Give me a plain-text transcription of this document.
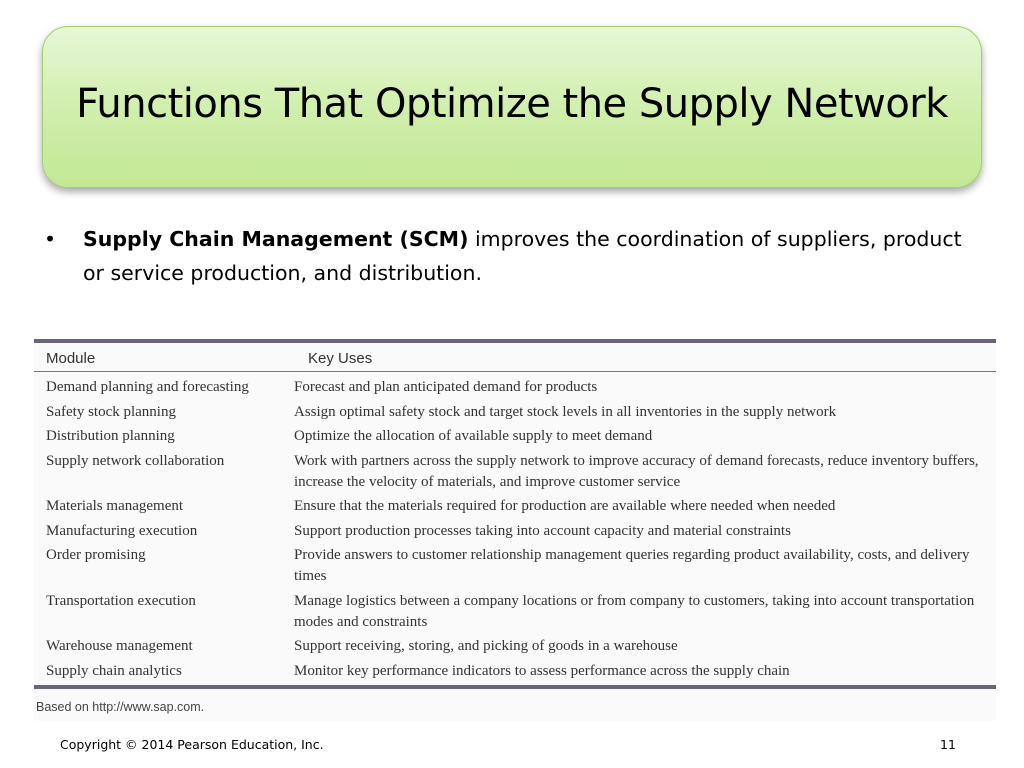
Functions That Optimize the Supply Network
• Supply Chain Management (SCM) improves the coordination of suppliers, product or service production, and distribution.
Module	Key Uses
Demand planning and forecasting	Forecast and plan anticipated demand for products
Safety stock planning	Assign optimal safety stock and target stock levels in all inventories in the supply network
Distribution planning	Optimize the allocation of available supply to meet demand
Supply network collaboration	Work with partners across the supply network to improve accuracy of demand forecasts, reduce inventory buffers, increase the velocity of materials, and improve customer service
Materials management	Ensure that the materials required for production are available where needed when needed
Manufacturing execution	Support production processes taking into account capacity and material constraints
Order promising	Provide answers to customer relationship management queries regarding product availability, costs, and delivery times
Transportation execution	Manage logistics between a company locations or from company to customers, taking into account transportation modes and constraints
Warehouse management	Support receiving, storing, and picking of goods in a warehouse
Supply chain analytics	Monitor key performance indicators to assess performance across the supply chain
Based on http://www.sap.com.
Copyright © 2014 Pearson Education, Inc.	11
